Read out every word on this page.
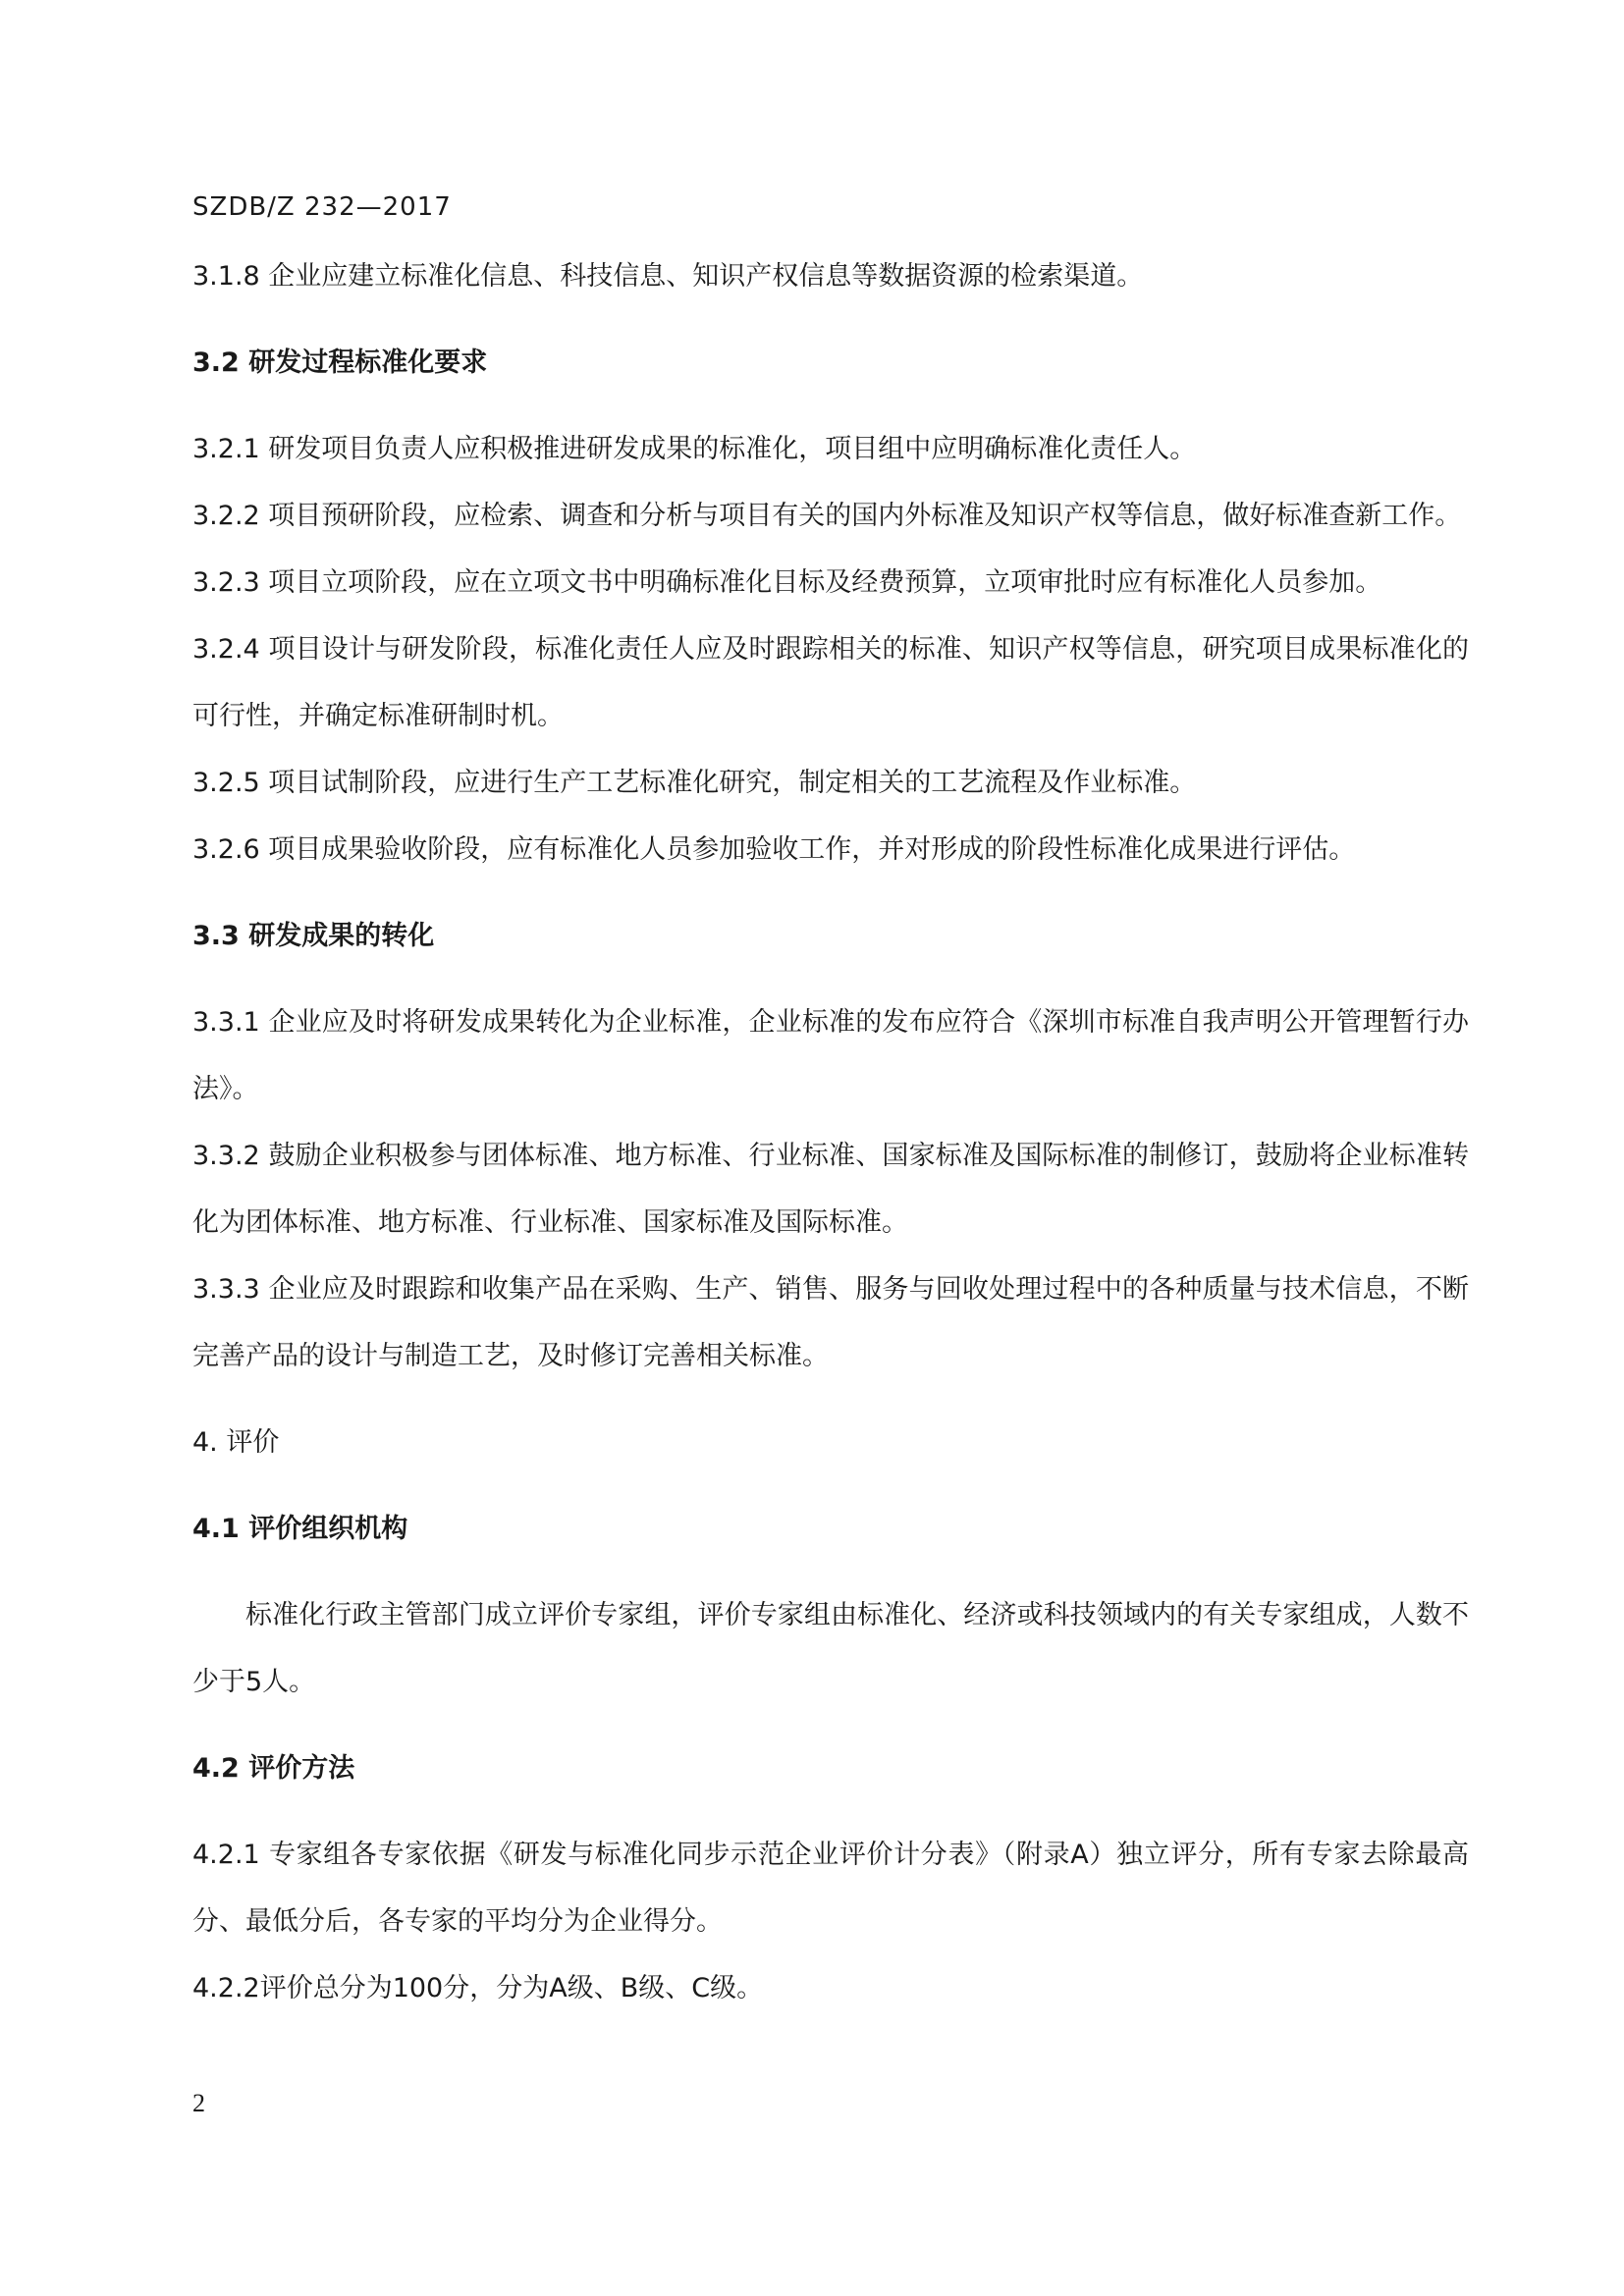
SZDB/Z 232—2017

3.1.8 企业应建立标准化信息、科技信息、知识产权信息等数据资源的检索渠道。

3.2 研发过程标准化要求

3.2.1 研发项目负责人应积极推进研发成果的标准化，项目组中应明确标准化责任人。

3.2.2 项目预研阶段，应检索、调查和分析与项目有关的国内外标准及知识产权等信息，做好标准查新工作。

3.2.3 项目立项阶段，应在立项文书中明确标准化目标及经费预算，立项审批时应有标准化人员参加。

3.2.4 项目设计与研发阶段，标准化责任人应及时跟踪相关的标准、知识产权等信息，研究项目成果标准化的可行性，并确定标准研制时机。

3.2.5 项目试制阶段，应进行生产工艺标准化研究，制定相关的工艺流程及作业标准。

3.2.6 项目成果验收阶段，应有标准化人员参加验收工作，并对形成的阶段性标准化成果进行评估。

3.3 研发成果的转化

3.3.1 企业应及时将研发成果转化为企业标准，企业标准的发布应符合《深圳市标准自我声明公开管理暂行办法》。

3.3.2 鼓励企业积极参与团体标准、地方标准、行业标准、国家标准及国际标准的制修订，鼓励将企业标准转化为团体标准、地方标准、行业标准、国家标准及国际标准。

3.3.3 企业应及时跟踪和收集产品在采购、生产、销售、服务与回收处理过程中的各种质量与技术信息，不断完善产品的设计与制造工艺，及时修订完善相关标准。

4. 评价

4.1 评价组织机构

标准化行政主管部门成立评价专家组，评价专家组由标准化、经济或科技领域内的有关专家组成，人数不少于5人。

4.2 评价方法

4.2.1 专家组各专家依据《研发与标准化同步示范企业评价计分表》（附录A）独立评分，所有专家去除最高分、最低分后，各专家的平均分为企业得分。

4.2.2评价总分为100分，分为A级、B级、C级。

2
